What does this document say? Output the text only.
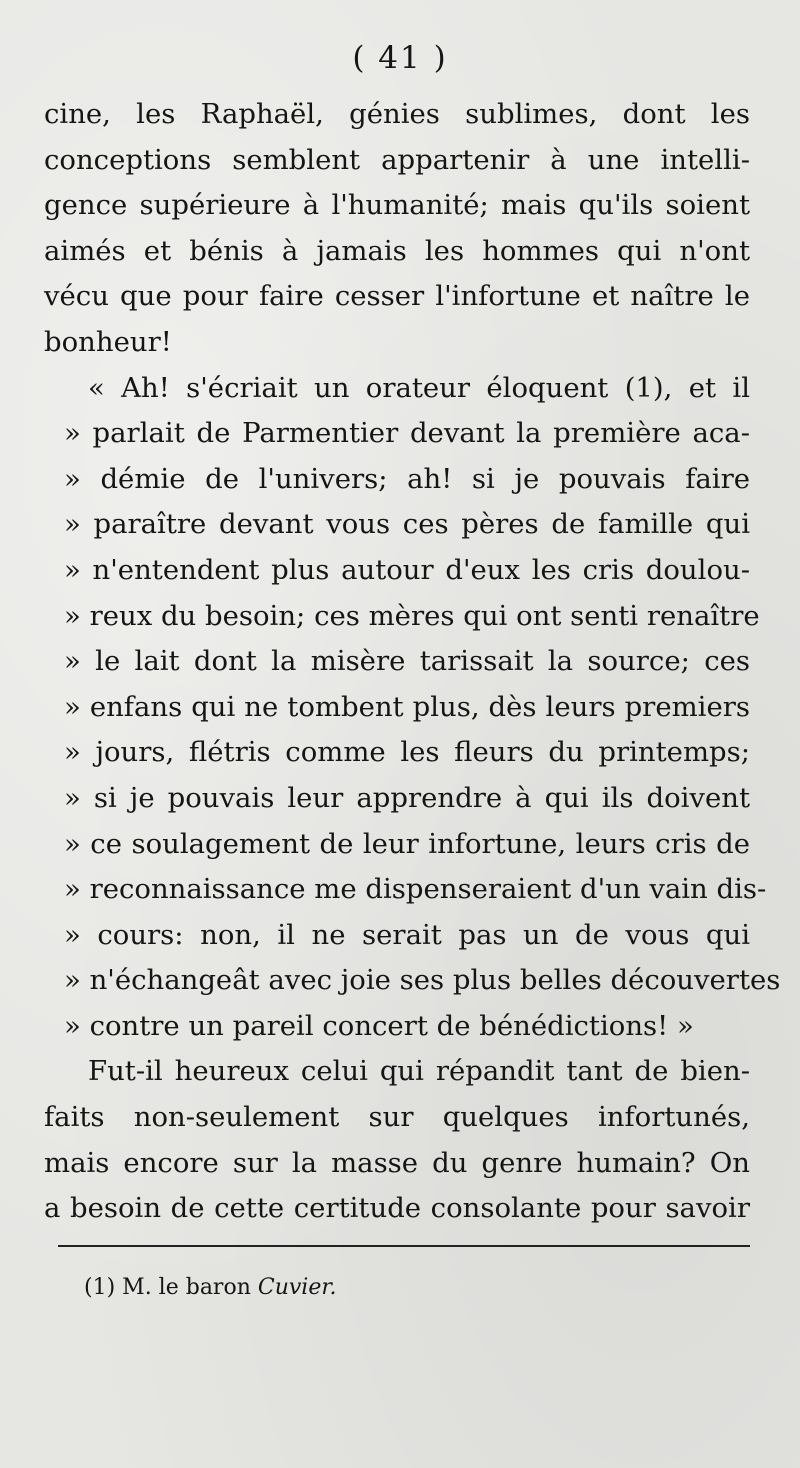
( 41 )
cine, les Raphaël, génies sublimes, dont les
conceptions semblent appartenir à une intelli-
gence supérieure à l'humanité; mais qu'ils soient
aimés et bénis à jamais les hommes qui n'ont
vécu que pour faire cesser l'infortune et naître le
bonheur!
« Ah! s'écriait un orateur éloquent (1), et il
» parlait de Parmentier devant la première aca-
» démie de l'univers; ah! si je pouvais faire
» paraître devant vous ces pères de famille qui
» n'entendent plus autour d'eux les cris doulou-
» reux du besoin; ces mères qui ont senti renaître
» le lait dont la misère tarissait la source; ces
» enfans qui ne tombent plus, dès leurs premiers
» jours, flétris comme les fleurs du printemps;
» si je pouvais leur apprendre à qui ils doivent
» ce soulagement de leur infortune, leurs cris de
» reconnaissance me dispenseraient d'un vain dis-
» cours: non, il ne serait pas un de vous qui
» n'échangeât avec joie ses plus belles découvertes
» contre un pareil concert de bénédictions! »
Fut-il heureux celui qui répandit tant de bien-
faits non-seulement sur quelques infortunés,
mais encore sur la masse du genre humain? On
a besoin de cette certitude consolante pour savoir
(1) M. le baron Cuvier.
